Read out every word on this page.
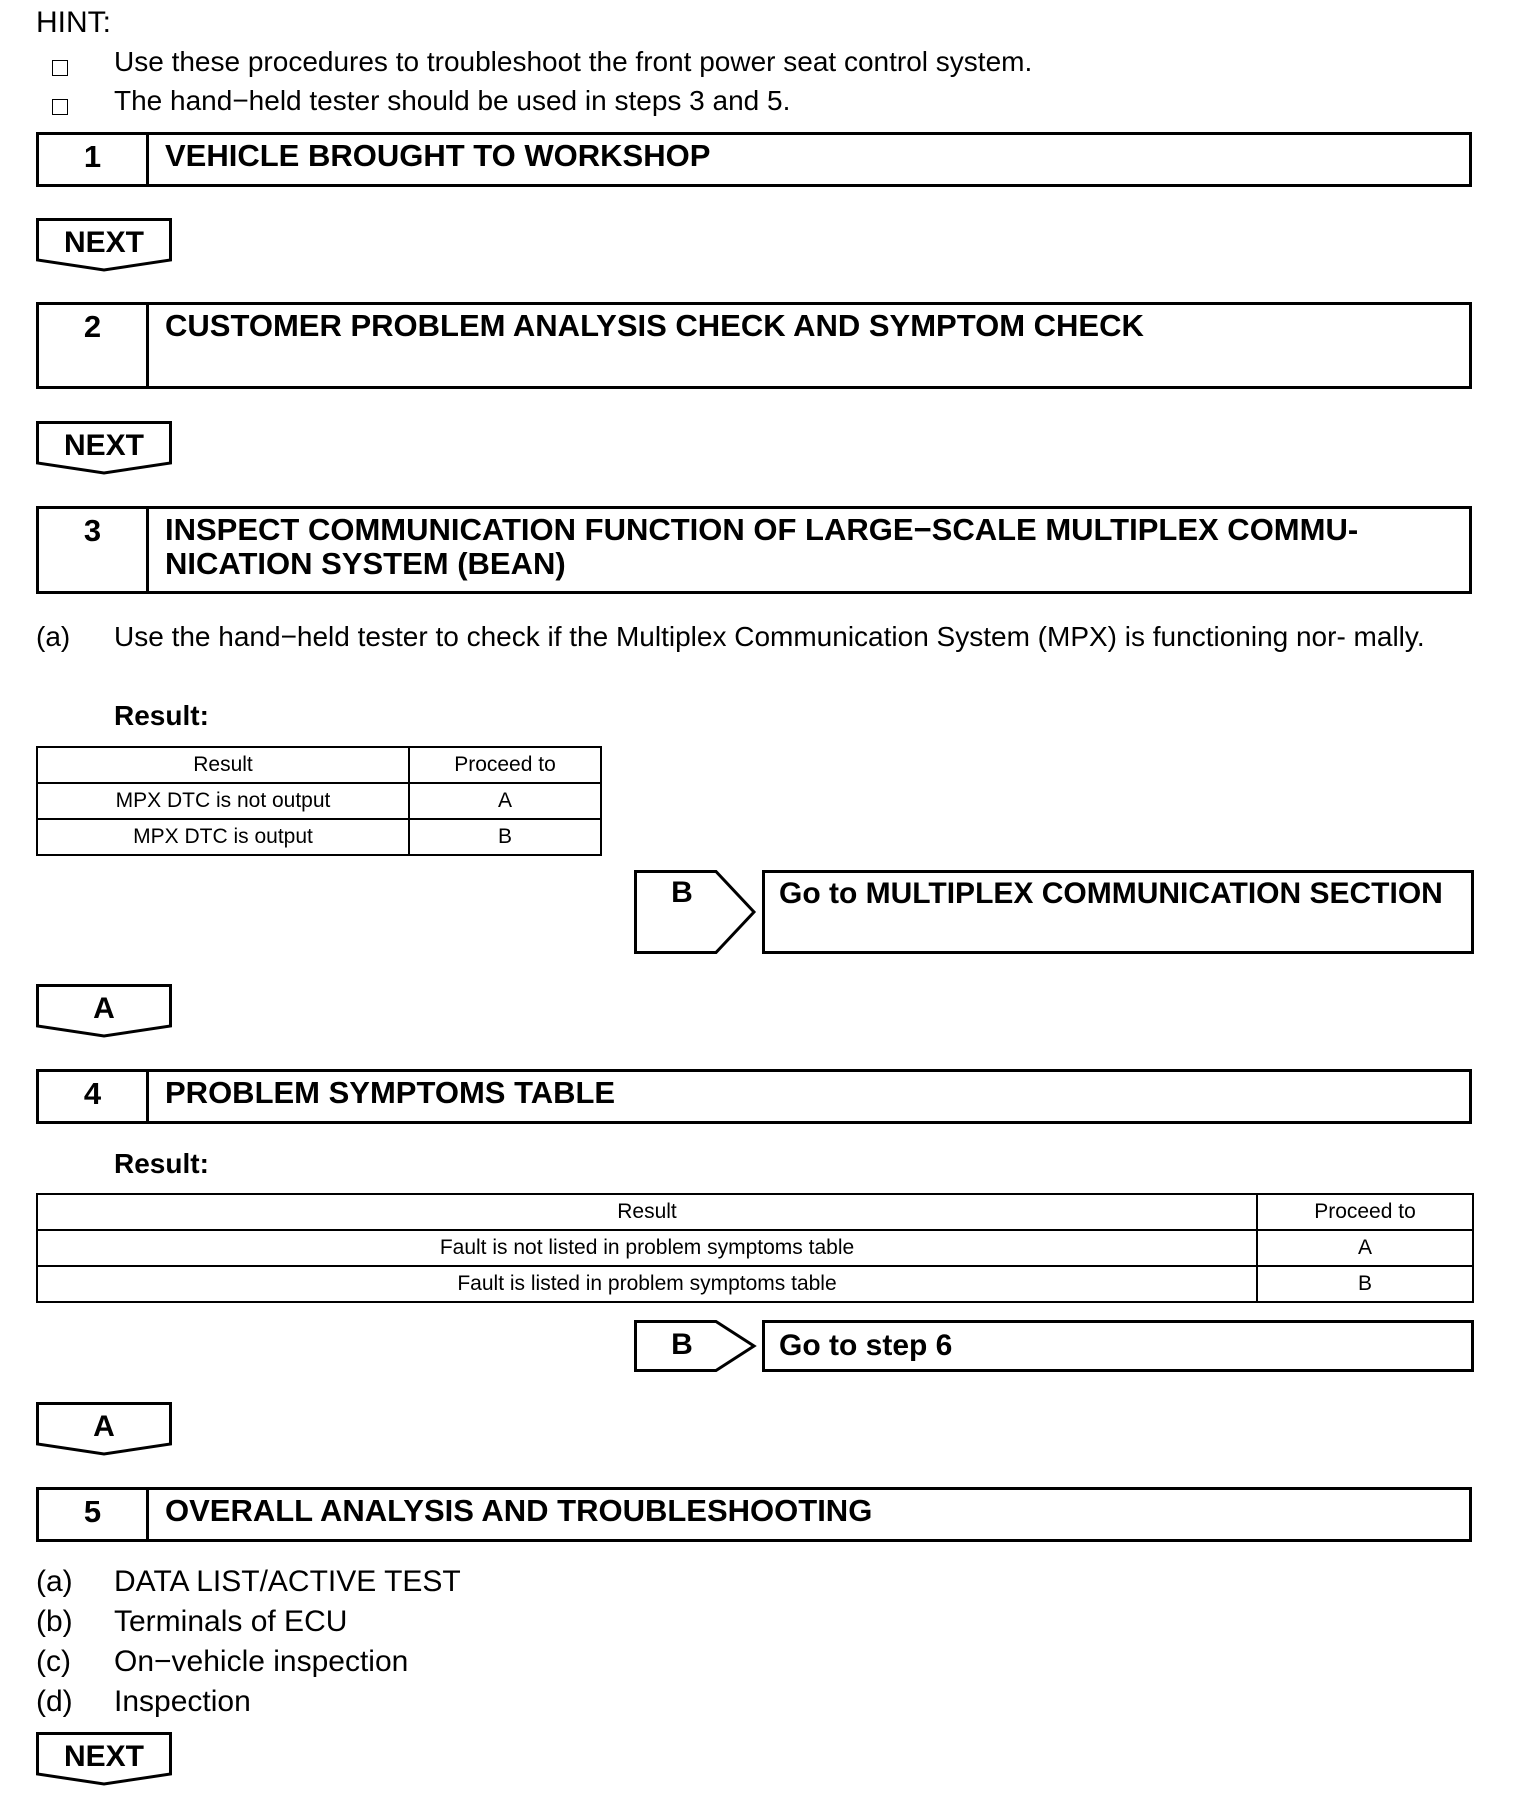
HINT:
Use these procedures to troubleshoot the front power seat control system.
The hand−held tester should be used in steps 3 and 5.
1	VEHICLE BROUGHT TO WORKSHOP
NEXT
2	CUSTOMER PROBLEM ANALYSIS CHECK AND SYMPTOM CHECK
NEXT
3	INSPECT COMMUNICATION FUNCTION OF LARGE−SCALE MULTIPLEX COMMU- NICATION SYSTEM (BEAN)
(a) Use the hand−held tester to check if the Multiplex Communication System (MPX) is functioning nor- mally.
Result:
Result	Proceed to
MPX DTC is not output	A
MPX DTC is output	B
B	Go to MULTIPLEX COMMUNICATION SECTION
A
4	PROBLEM SYMPTOMS TABLE
Result:
Result	Proceed to
Fault is not listed in problem symptoms table	A
Fault is listed in problem symptoms table	B
B	Go to step 6
A
5	OVERALL ANALYSIS AND TROUBLESHOOTING
(a) DATA LIST/ACTIVE TEST
(b) Terminals of ECU
(c) On−vehicle inspection
(d) Inspection
NEXT
